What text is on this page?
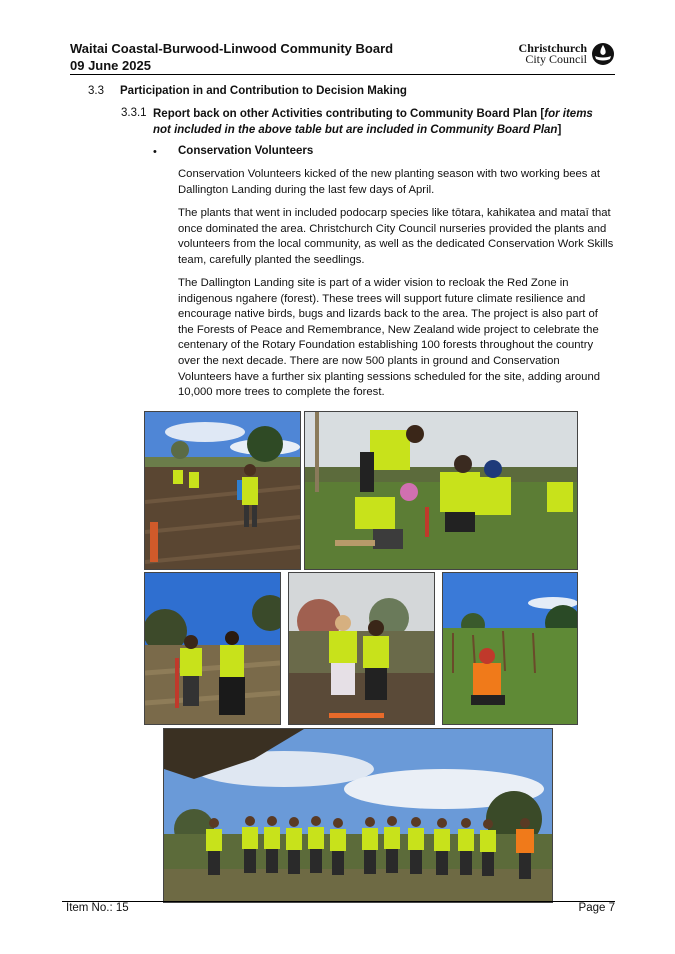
Waitai Coastal-Burwood-Linwood Community Board
09 June 2025
Christchurch
City Council
3.3 Participation in and Contribution to Decision Making
3.3.1 Report back on other Activities contributing to Community Board Plan [for items not included in the above table but are included in Community Board Plan]
• Conservation Volunteers

Conservation Volunteers kicked of the new planting season with two working bees at Dallington Landing during the last few days of April.

The plants that went in included podocarp species like tōtara, kahikatea and mataī that once dominated the area. Christchurch City Council nurseries provided the plants and volunteers from the local community, as well as the dedicated Conservation Work Skills team, carefully planted the seedlings.

The Dallington Landing site is part of a wider vision to recloak the Red Zone in indigenous ngahere (forest). These trees will support future climate resilience and encourage native birds, bugs and lizards back to the area. The project is also part of the Forests of Peace and Remembrance, New Zealand wide project to celebrate the centenary of the Rotary Foundation establishing 100 forests throughout the country over the next decade. There are now 500 plants in ground and Conservation Volunteers have a further six planting sessions scheduled for the site, adding around 10,000 more trees to complete the forest.

Item No.: 15	Page 7
